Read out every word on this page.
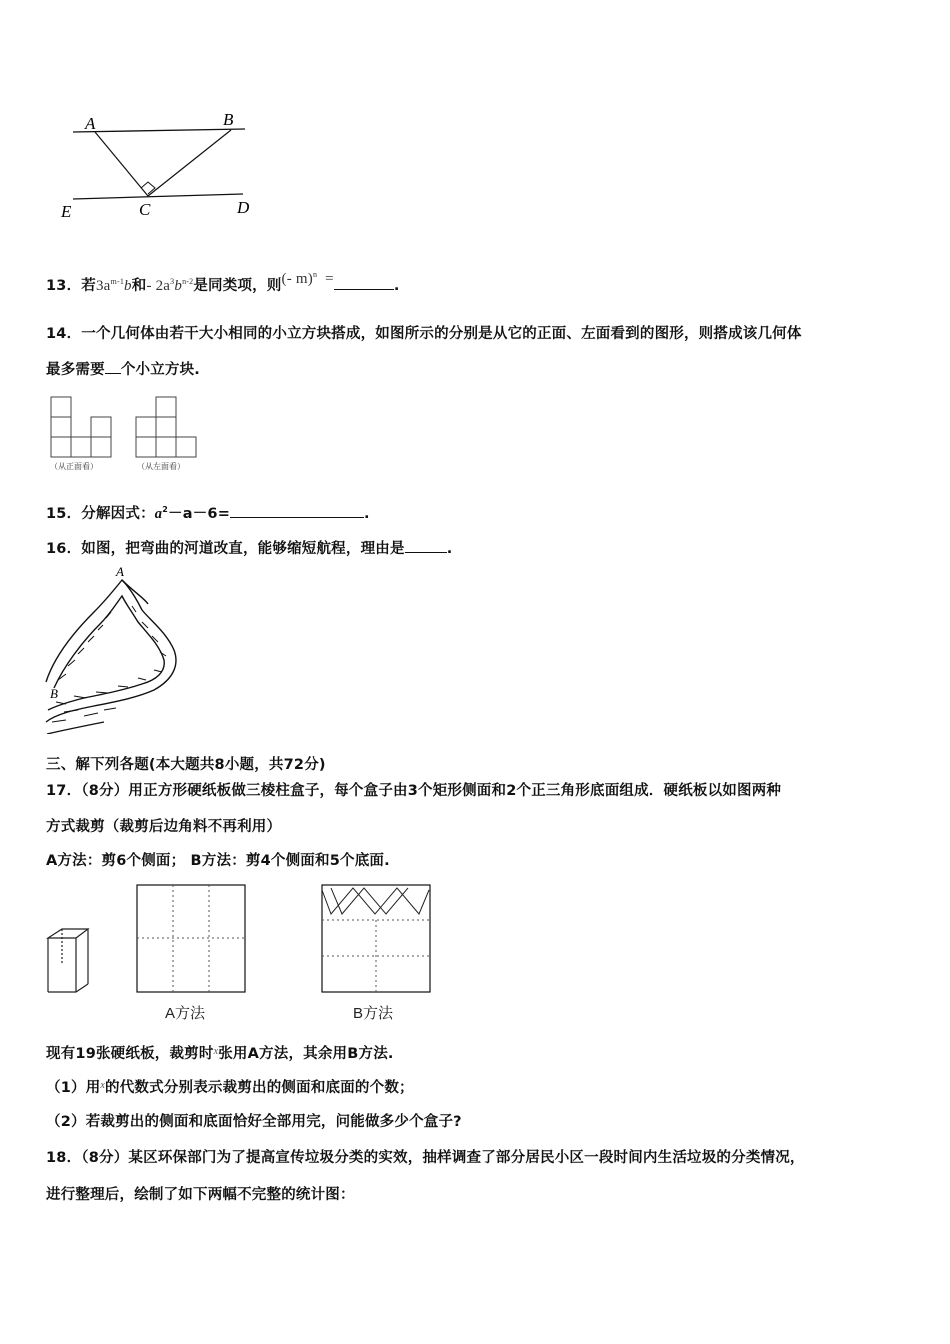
A	B
E	C	D
13．若$3a^{m-1}b$和- $2a^3b^{n-2}$是同类项，则(- m)$^n$ =	.
14．一个几何体由若干大小相同的小立方块搭成，如图所示的分别是从它的正面、左面看到的图形，则搭成该几何体
最多需要 个小立方块.
（从正面看）	（从左面看）
15．分解因式：$a^2-a-6=$	.
16．如图，把弯曲的河道改直，能够缩短航程，理由是	.
A
B
三、解下列各题(本大题共8小题，共72分)
17．（8分）用正方形硬纸板做三棱柱盒子，每个盒子由3个矩形侧面和2个正三角形底面组成．硬纸板以如图两种
方式裁剪（裁剪后边角料不再利用）
A方法：剪6个侧面； B方法：剪4个侧面和5个底面.
A方法	B方法
现有19张硬纸板，裁剪时$^x$张用A方法，其余用B方法.
（1）用$^x$的代数式分别表示裁剪出的侧面和底面的个数；
（2）若裁剪出的侧面和底面恰好全部用完，问能做多少个盒子?
18．（8分）某区环保部门为了提高宣传垃圾分类的实效，抽样调查了部分居民小区一段时间内生活垃圾的分类情况，
进行整理后，绘制了如下两幅不完整的统计图：
